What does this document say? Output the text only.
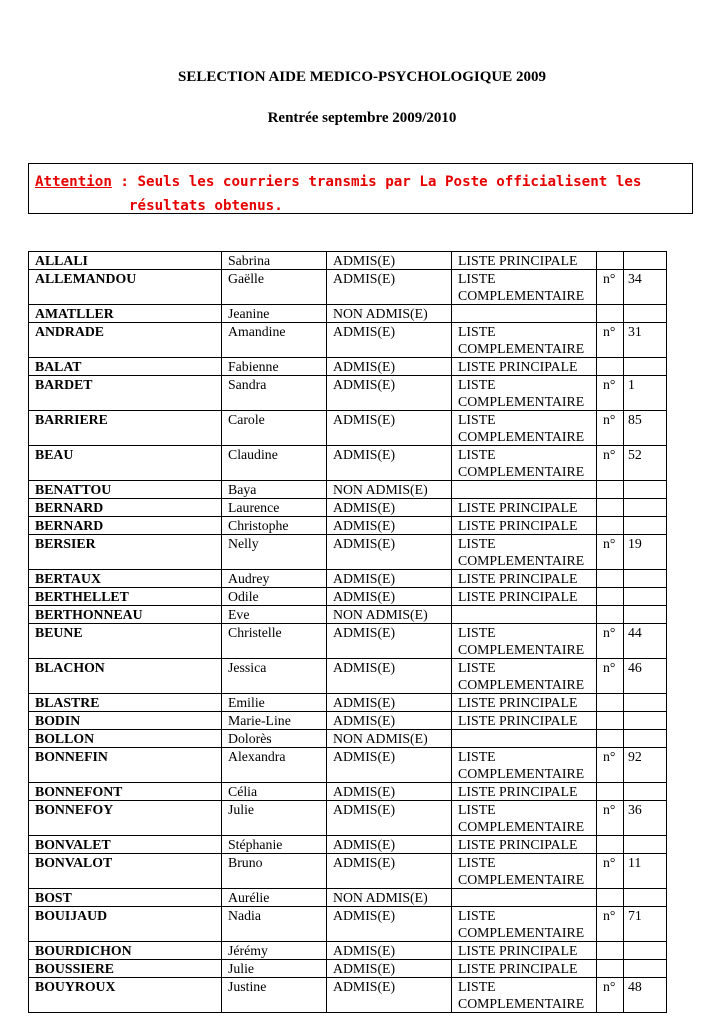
SELECTION AIDE MEDICO-PSYCHOLOGIQUE 2009
Rentrée septembre 2009/2010
Attention : Seuls les courriers transmis par La Poste officialisent les
résultats obtenus.
ALLALI	Sabrina	ADMIS(E)	LISTE PRINCIPALE		

ALLEMANDOU	Gaëlle	ADMIS(E)	LISTE
COMPLEMENTAIRE	n°	34
AMATLLER	Jeanine	NON ADMIS(E)	

ANDRADE	Amandine	ADMIS(E)	LISTE
COMPLEMENTAIRE	n°	31
BALAT	Fabienne	ADMIS(E)	LISTE PRINCIPALE		

BARDET	Sandra	ADMIS(E)	LISTE
COMPLEMENTAIRE	n°	1
BARRIERE	Carole	ADMIS(E)	LISTE
COMPLEMENTAIRE	n°	85
BEAU	Claudine	ADMIS(E)	LISTE
COMPLEMENTAIRE	n°	52
BENATTOU	Baya	NON ADMIS(E)	

BERNARD	Laurence	ADMIS(E)	LISTE PRINCIPALE		

BERNARD	Christophe	ADMIS(E)	LISTE PRINCIPALE		

BERSIER	Nelly	ADMIS(E)	LISTE
COMPLEMENTAIRE	n°	19
BERTAUX	Audrey	ADMIS(E)	LISTE PRINCIPALE		

BERTHELLET	Odile	ADMIS(E)	LISTE PRINCIPALE		

BERTHONNEAU	Eve	NON ADMIS(E)	

BEUNE	Christelle	ADMIS(E)	LISTE
COMPLEMENTAIRE	n°	44
BLACHON	Jessica	ADMIS(E)	LISTE
COMPLEMENTAIRE	n°	46
BLASTRE	Emilie	ADMIS(E)	LISTE PRINCIPALE		

BODIN	Marie-Line	ADMIS(E)	LISTE PRINCIPALE		

BOLLON	Dolorès	NON ADMIS(E)	

BONNEFIN	Alexandra	ADMIS(E)	LISTE
COMPLEMENTAIRE	n°	92
BONNEFONT	Célia	ADMIS(E)	LISTE PRINCIPALE		

BONNEFOY	Julie	ADMIS(E)	LISTE
COMPLEMENTAIRE	n°	36
BONVALET	Stéphanie	ADMIS(E)	LISTE PRINCIPALE		

BONVALOT	Bruno	ADMIS(E)	LISTE
COMPLEMENTAIRE	n°	11
BOST	Aurélie	NON ADMIS(E)	

BOUIJAUD	Nadia	ADMIS(E)	LISTE
COMPLEMENTAIRE	n°	71
BOURDICHON	Jérémy	ADMIS(E)	LISTE PRINCIPALE		

BOUSSIERE	Julie	ADMIS(E)	LISTE PRINCIPALE		

BOUYROUX	Justine	ADMIS(E)	LISTE
COMPLEMENTAIRE	n°	48
